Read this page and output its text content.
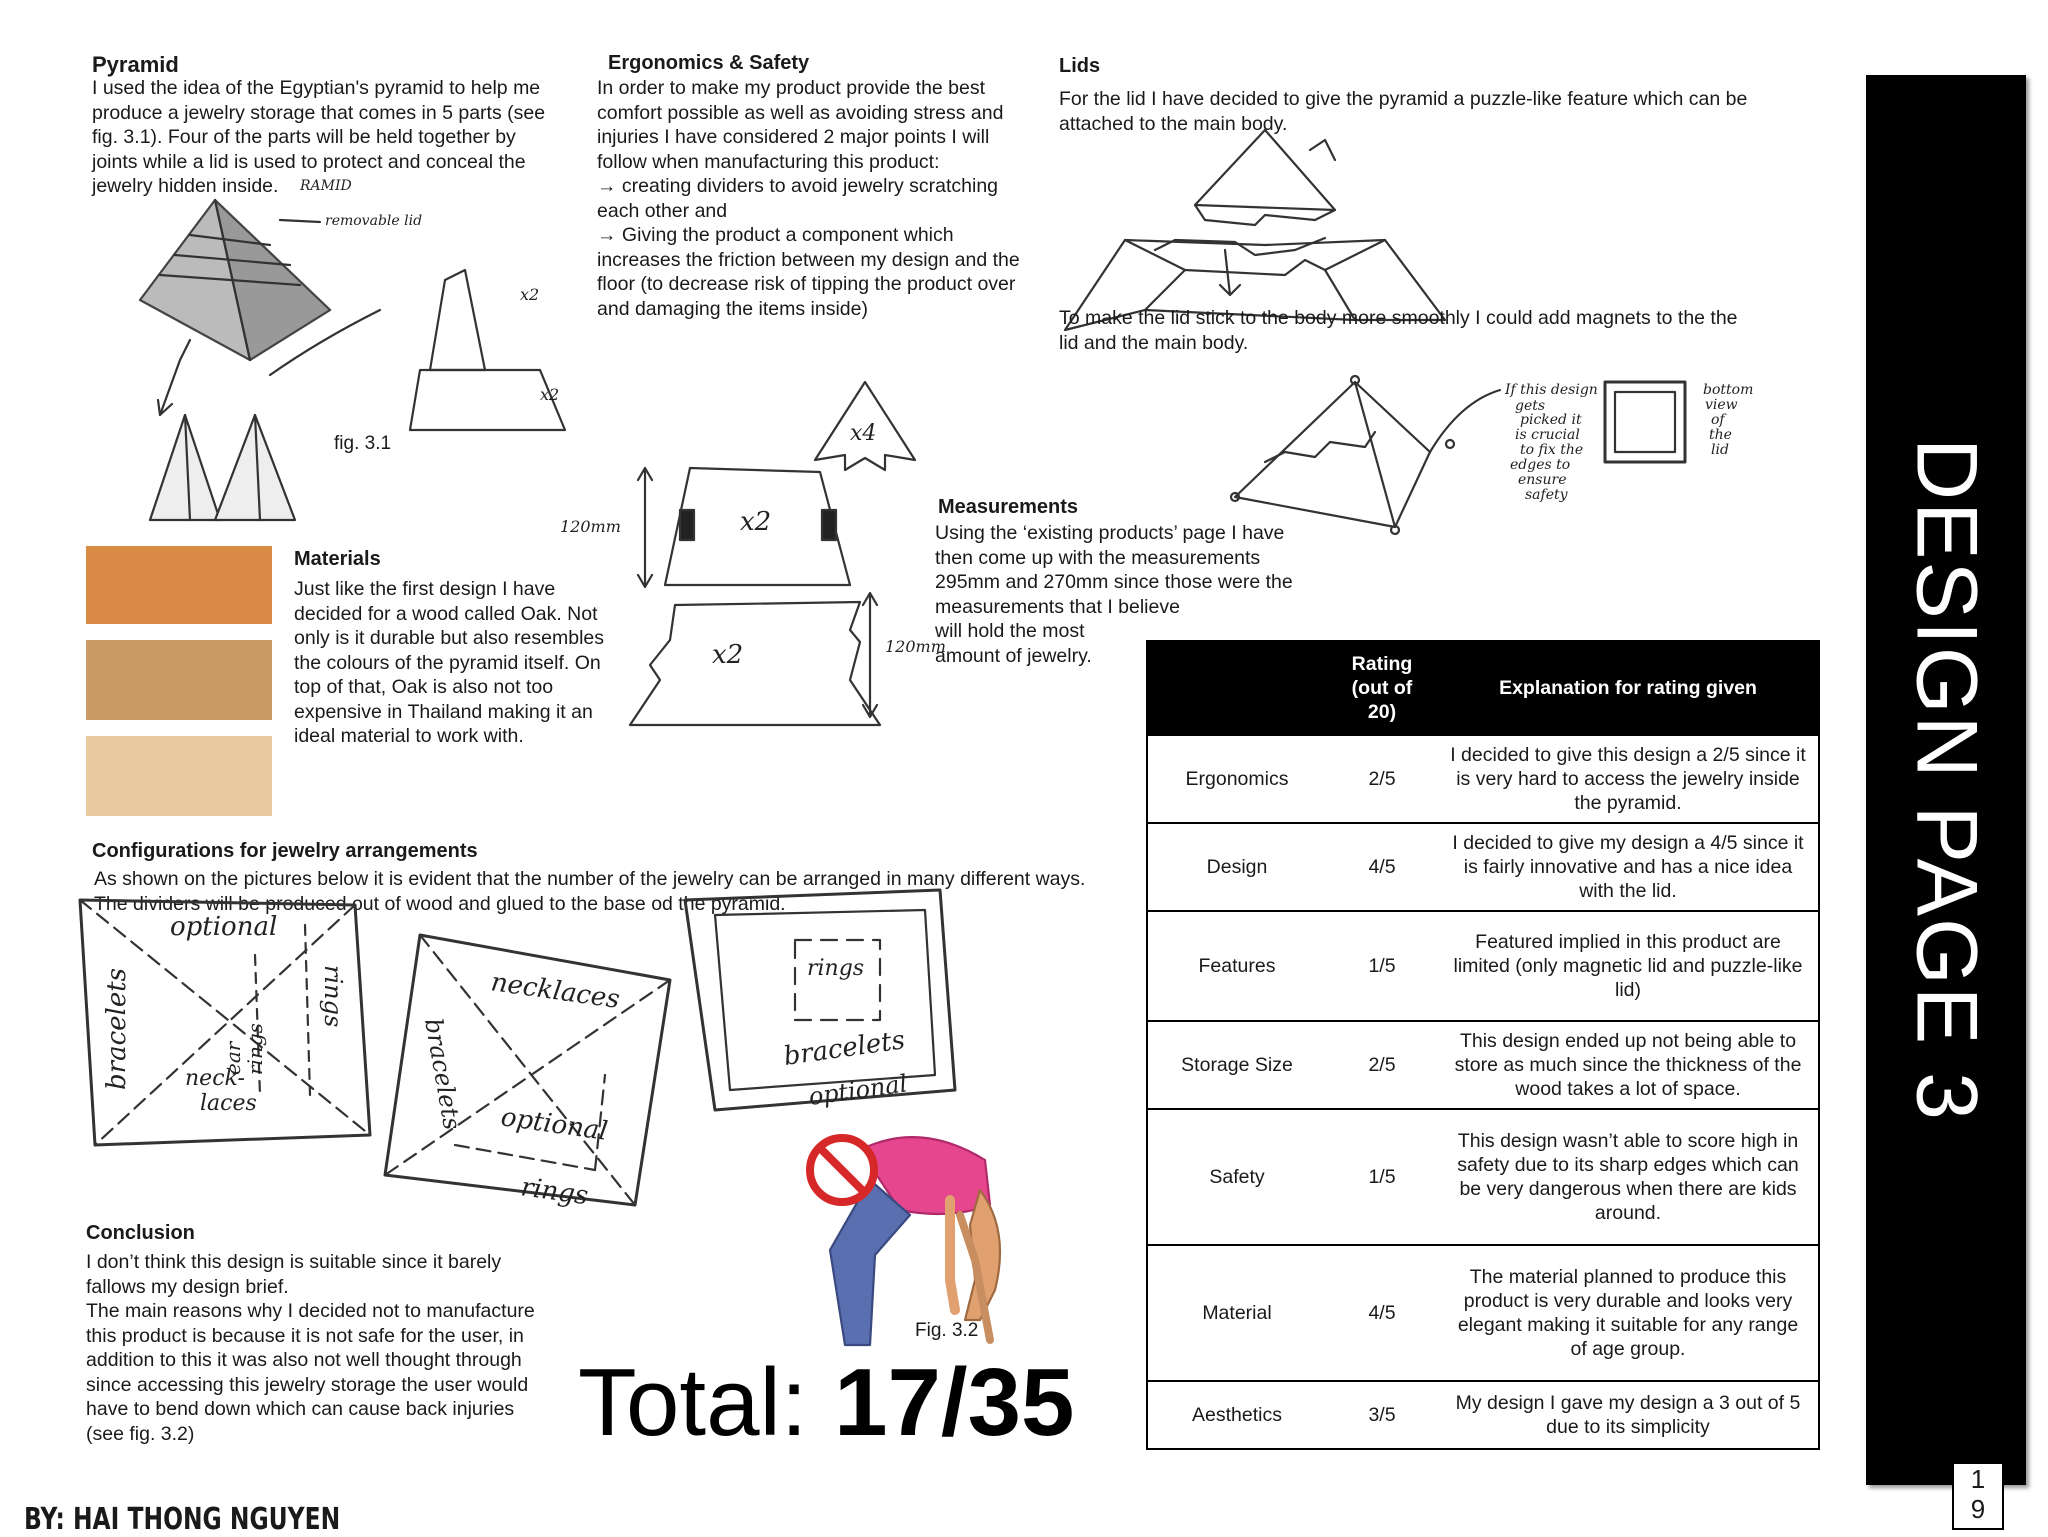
Pyramid
I used the idea of the Egyptian's pyramid to help me
produce a jewelry storage that comes in 5 parts (see
fig. 3.1). Four of the parts will be held together by
joints while a lid is used to protect and conceal the
jewelry hidden inside.
removable lid
RAMID
x2
x2
fig. 3.1
Ergonomics & Safety
In order to make my product provide the best
comfort possible as well as avoiding stress and
injuries I have considered 2 major points I will
follow when manufacturing this product:
→ creating dividers to avoid jewelry scratching
each other and
→ Giving the product a component which
increases the friction between my design and the
floor (to decrease risk of tipping the product over
and damaging the items inside)
Lids
For the lid I have decided to give the pyramid a puzzle-like feature which can be
attached to the main body.
To make the lid stick to the body more smoothly I could add magnets to the the
lid and the main body.
If this design gets picked it is crucial to fix the edges to ensure safety
bottom view of the lid
x4
x2
120mm
x2	120mm
Measurements
Using the ‘existing products’ page I have
then come up with the measurements
295mm and 270mm since those were the
measurements that I believe
will hold the most
amount of jewelry.
Materials
Just like the first design I have
decided for a wood called Oak. Not
only is it durable but also resembles
the colours of the pyramid itself. On
top of that, Oak is also not too
expensive in Thailand making it an
ideal material to work with.
Configurations for jewelry arrangements
As shown on the pictures below it is evident that the number of the jewelry can be arranged in many different ways.
The dividers will be produced out of wood and glued to the base od the pyramid.
optional
bracelets	rings
earrings
neck-laces
necklaces
bracelets optional
rings
rings
bracelets
optional
Fig. 3.2
Conclusion
I don’t think this design is suitable since it barely
fallows my design brief.
The main reasons why I decided not to manufacture
this product is because it is not safe for the user, in
addition to this it was also not well thought through
since accessing this jewelry storage the user would
have to bend down which can cause back injuries
(see fig. 3.2)	Total: 17/35
	Rating
(out of
20)	Explanation for rating given
Ergonomics	2/5	I decided to give this design a 2/5 since it is very hard to access the jewelry inside the pyramid.
Design	4/5	I decided to give my design a 4/5 since it is fairly innovative and has a nice idea with the lid.
Features	1/5	Featured implied in this product are limited (only magnetic lid and puzzle-like lid)
Storage Size	2/5	This design ended up not being able to store as much since the thickness of the wood takes a lot of space.
Safety	1/5	This design wasn’t able to score high in safety due to its sharp edges which can be very dangerous when there are kids around.
Material	4/5	The material planned to produce this product is very durable and looks very elegant making it suitable for any range of age group.
Aesthetics	3/5	My design I gave my design a 3 out of 5 due to its simplicity
DESIGN PAGE 3
1
9
BY: HAI THONG NGUYEN
